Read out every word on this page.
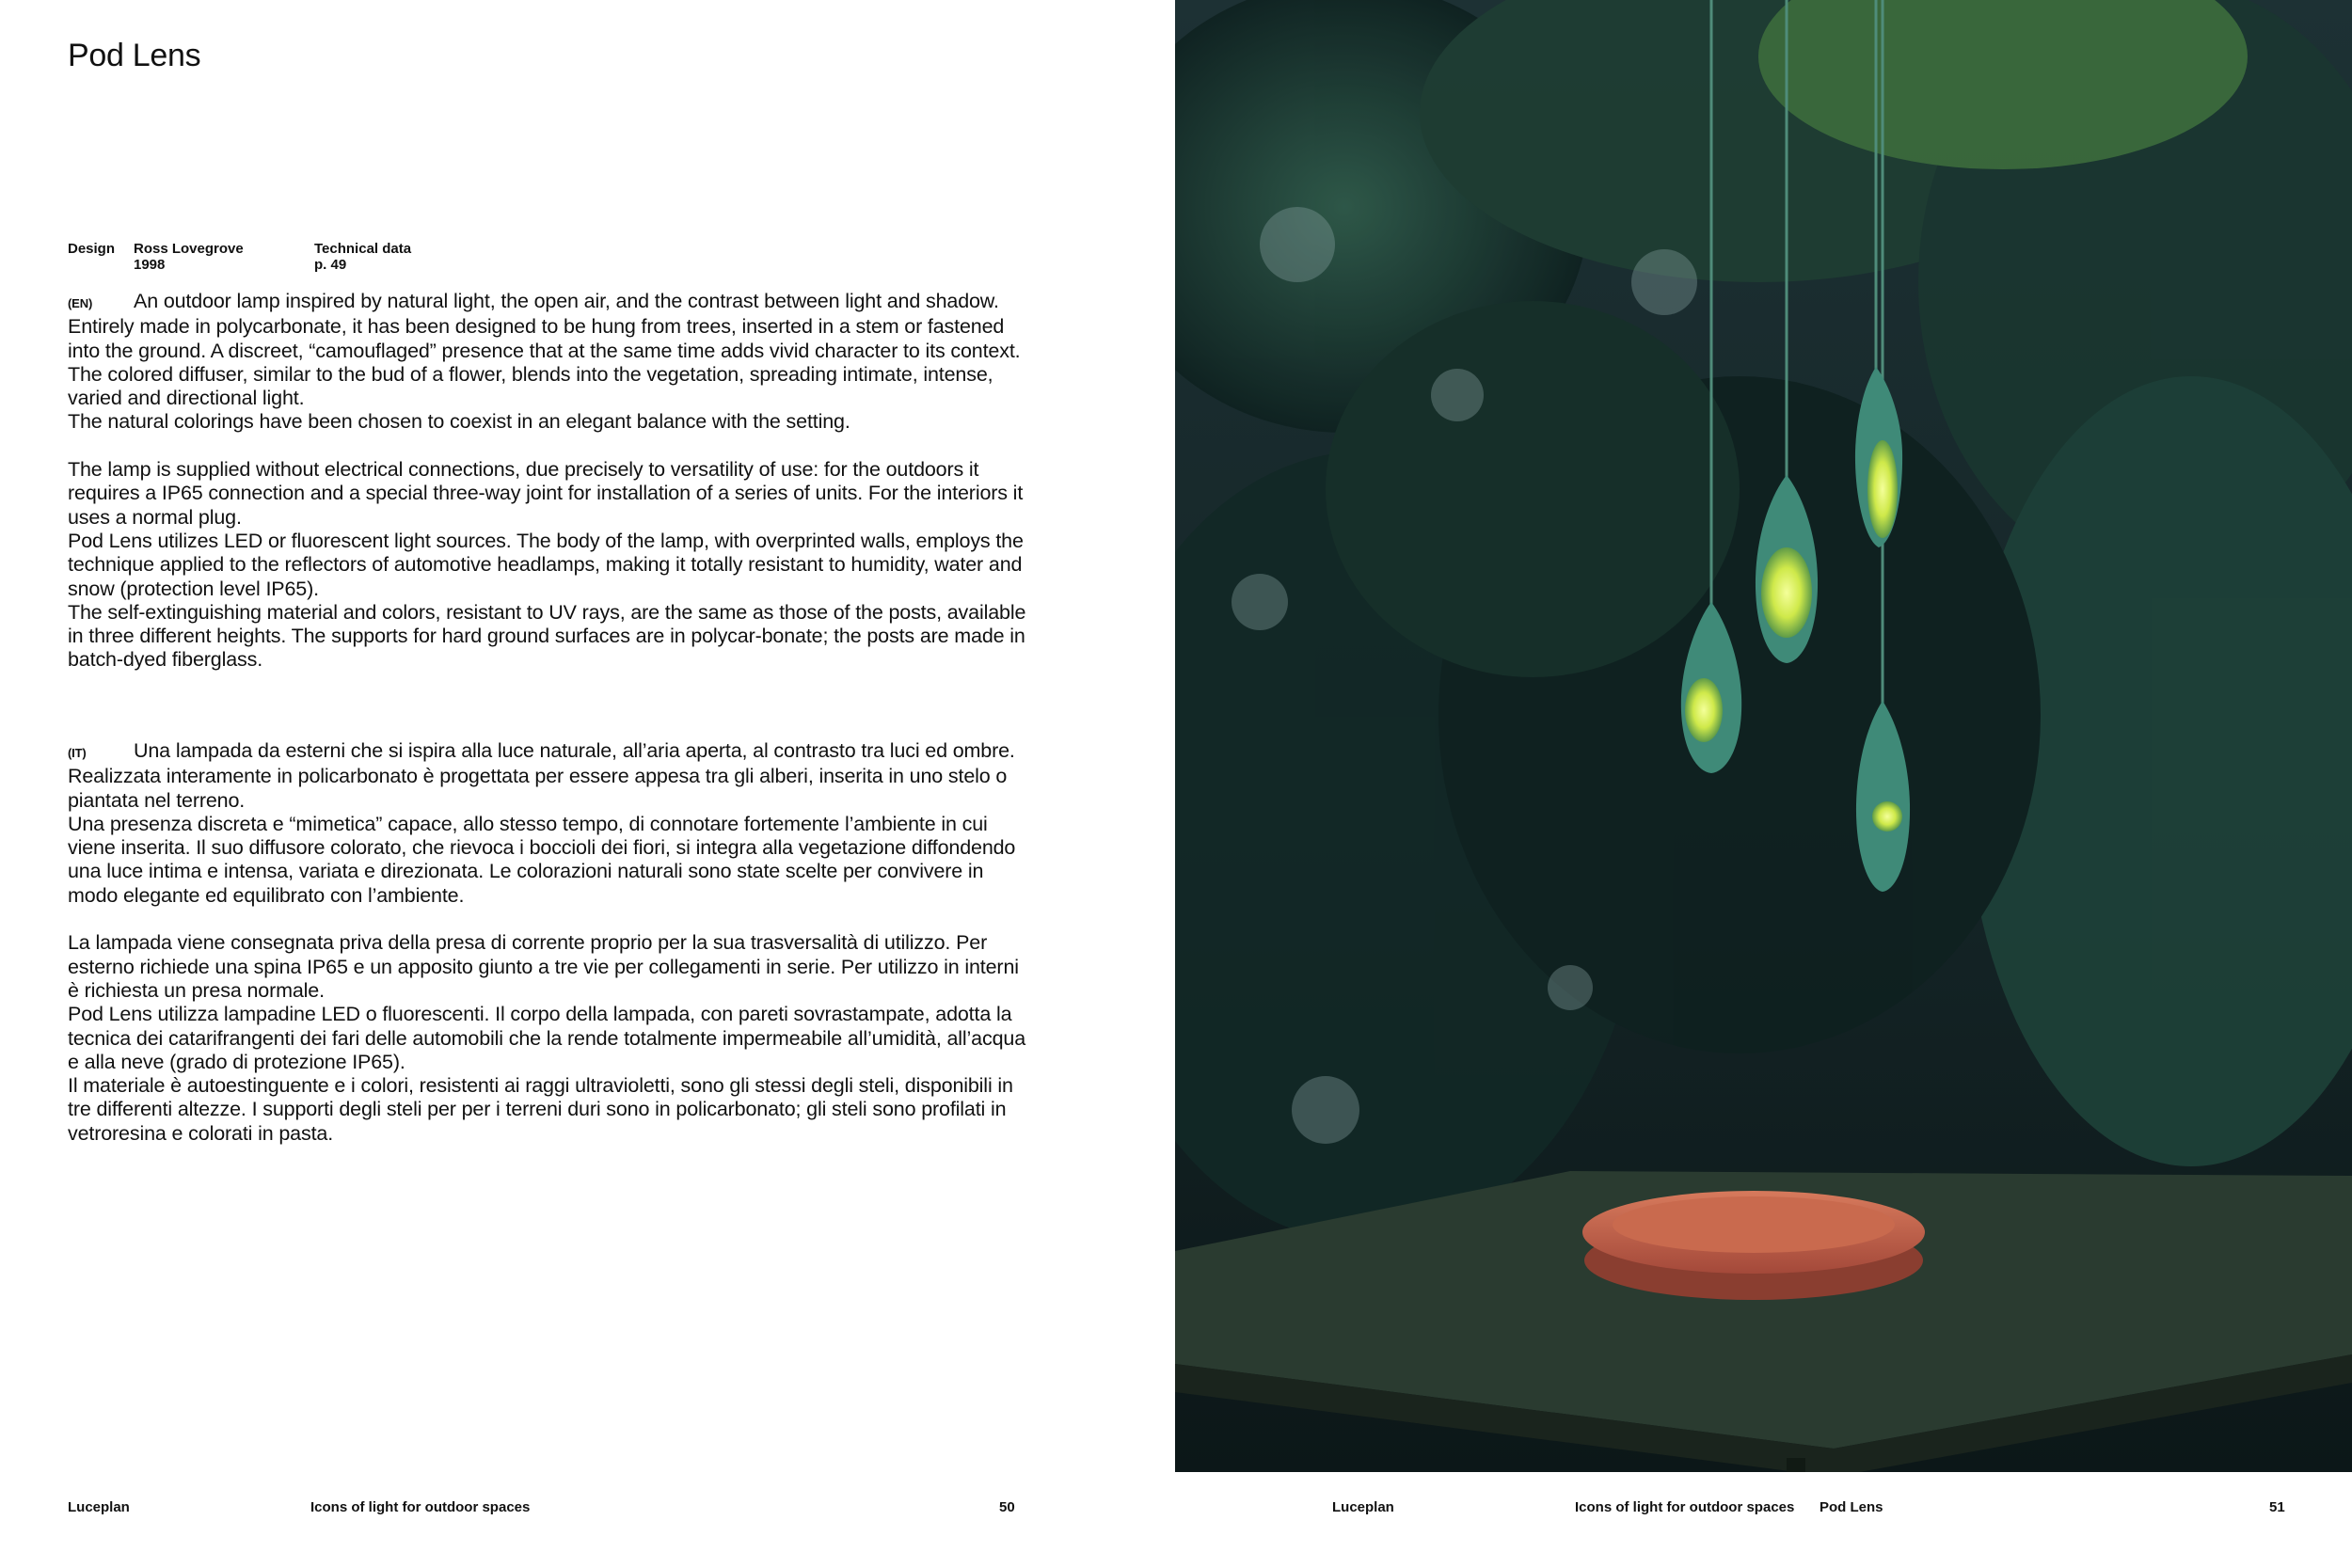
Pod Lens
Design Ross Lovegrove
1998
Technical data
p. 49

(EN) An outdoor lamp inspired by natural light, the open air, and the contrast between light and shadow. Entirely made in polycarbonate, it has been designed to be hung from trees, inserted in a stem or fastened into the ground. A discreet, “camouflaged” presence that at the same time adds vivid character to its context. The colored diffuser, similar to the bud of a flower, blends into the vegetation, spreading intimate, intense, varied and directional light.

The natural colorings have been chosen to coexist in an elegant balance with the setting.

The lamp is supplied without electrical connections, due precisely to versatility of use: for the outdoors it requires a IP65 connection and a special three-way joint for installation of a series of units. For the interiors it uses a normal plug.

Pod Lens utilizes LED or fluorescent light sources. The body of the lamp, with overprinted walls, employs the technique applied to the reflectors of automotive headlamps, making it totally resistant to humidity, water and snow (protection level IP65).

The self-extinguishing material and colors, resistant to UV rays, are the same as those of the posts, available in three different heights. The supports for hard ground surfaces are in polycar-bonate; the posts are made in batch-dyed fiberglass.

(IT) Una lampada da esterni che si ispira alla luce naturale, all’aria aperta, al contrasto tra luci ed ombre. Realizzata interamente in policarbonato è progettata per essere appesa tra gli alberi, inserita in uno stelo o piantata nel terreno.

Una presenza discreta e “mimetica” capace, allo stesso tempo, di connotare fortemente l’ambiente in cui viene inserita. Il suo diffusore colorato, che rievoca i boccioli dei fiori, si integra alla vegetazione diffondendo una luce intima e intensa, variata e direzionata. Le colorazioni naturali sono state scelte per convivere in modo elegante ed equilibrato con l’ambiente.

La lampada viene consegnata priva della presa di corrente proprio per la sua trasversalità di utilizzo. Per esterno richiede una spina IP65 e un apposito giunto a tre vie per collegamenti in serie. Per utilizzo in interni è richiesta un presa normale.

Pod Lens utilizza lampadine LED o fluorescenti. Il corpo della lampada, con pareti sovrastampate, adotta la tecnica dei catarifrangenti dei fari delle automobili che la rende totalmente impermeabile all’umidità, all’acqua e alla neve (grado di protezione IP65).

Il materiale è autoestinguente e i colori, resistenti ai raggi ultravioletti, sono gli stessi degli steli, disponibili in tre differenti altezze. I supporti degli steli per per i terreni duri sono in policarbonato; gli steli sono profilati in vetroresina e colorati in pasta.

Luceplan	Icons of light for outdoor spaces	50	Luceplan	Icons of light for outdoor spaces Pod Lens	51
